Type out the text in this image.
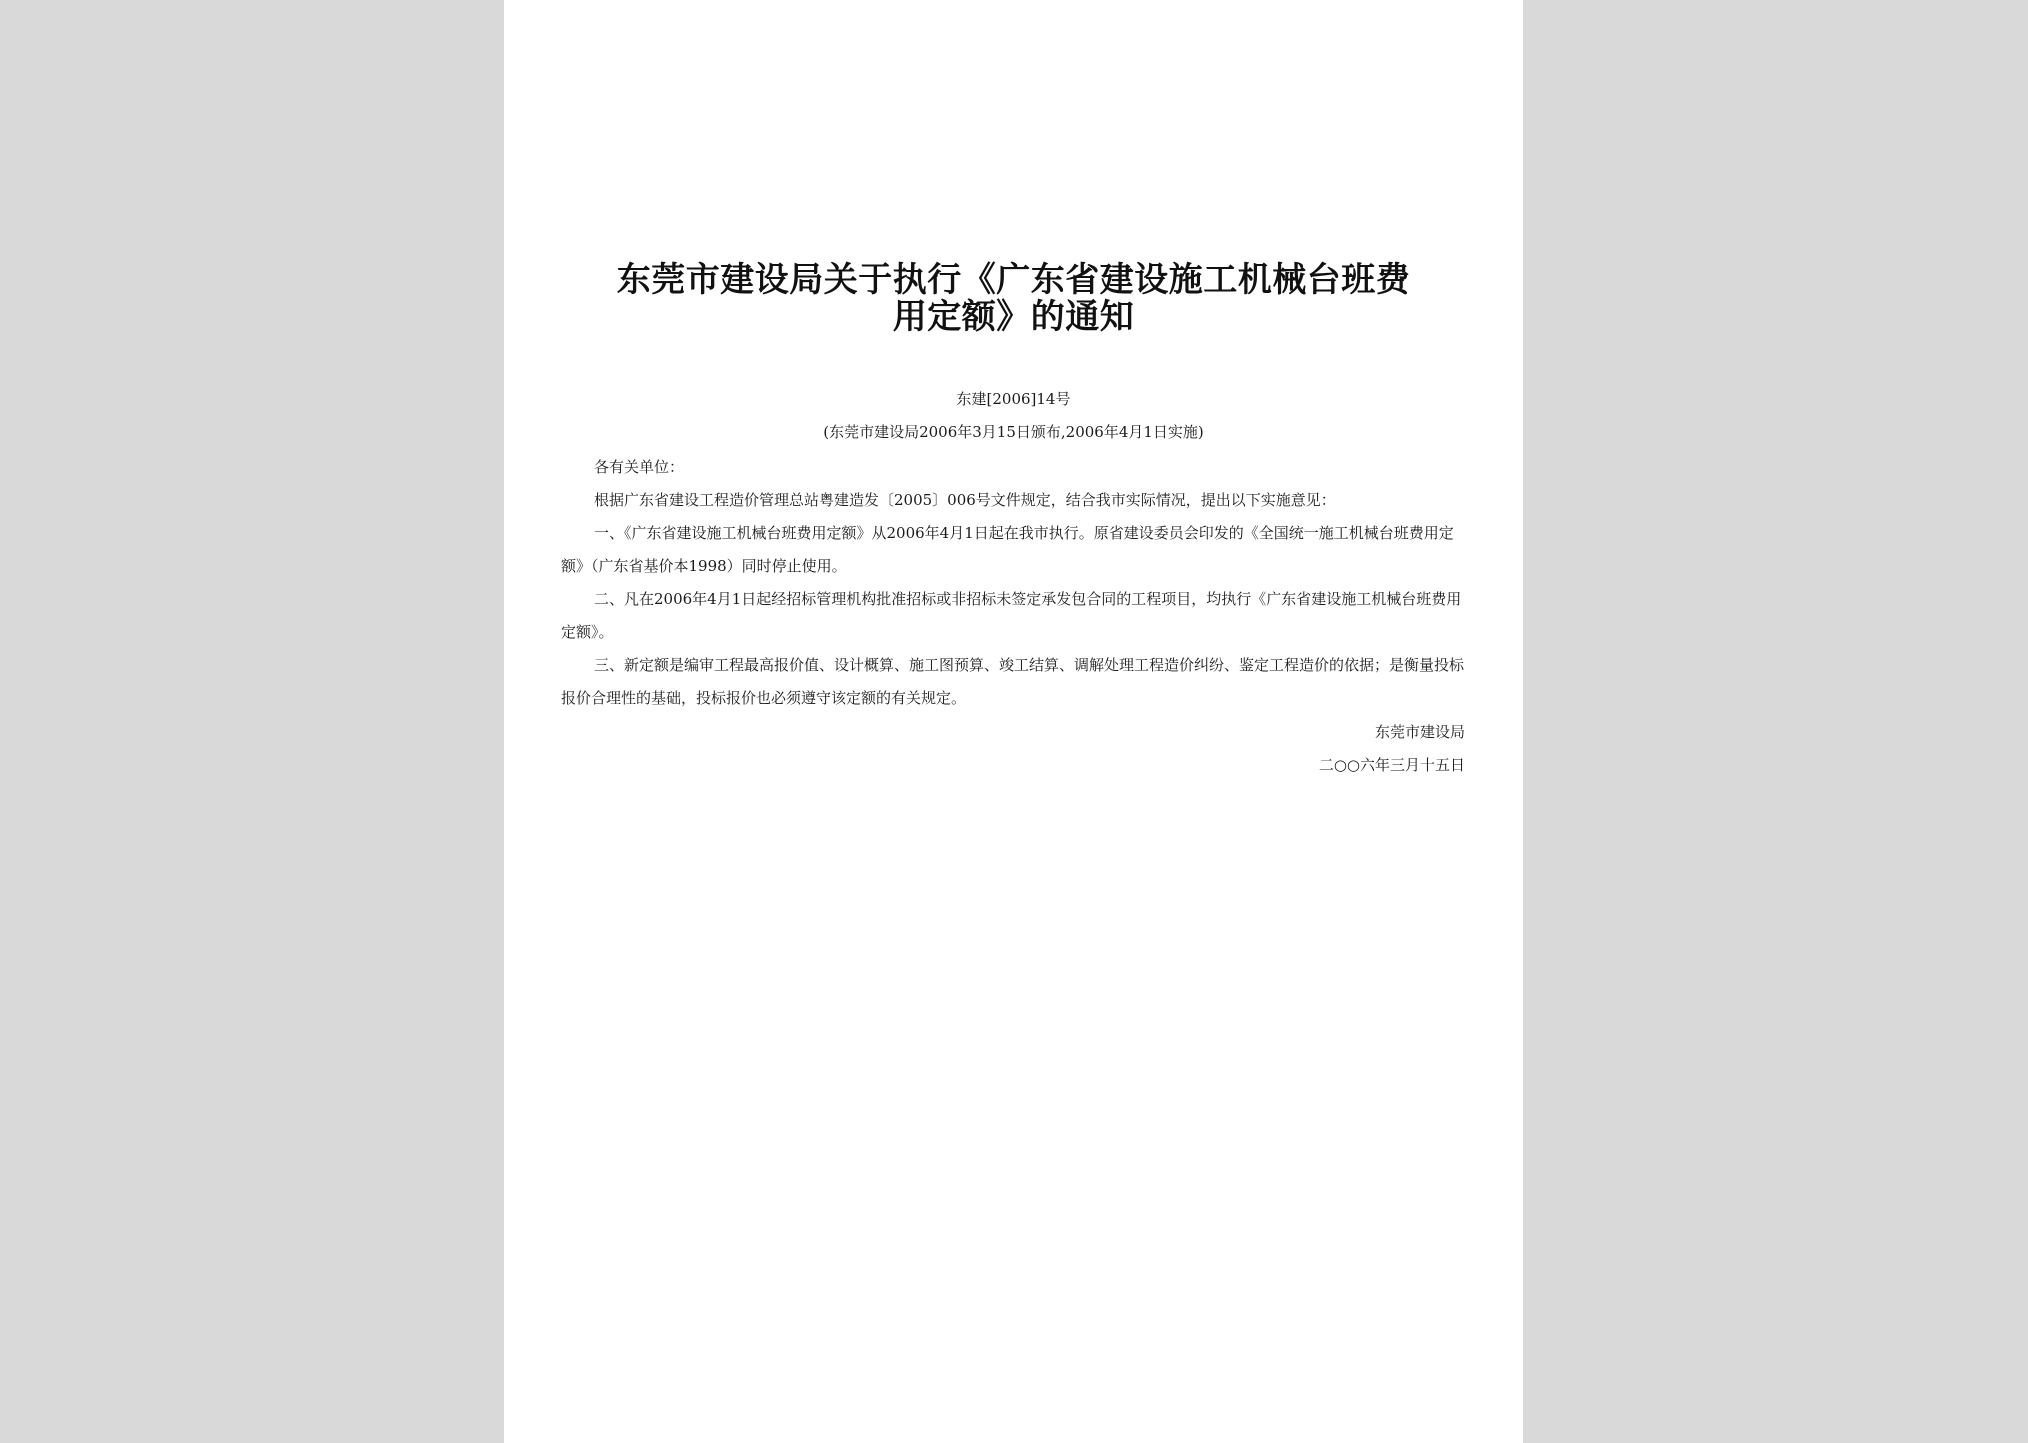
东莞市建设局关于执行《广东省建设施工机械台班费
用定额》的通知
东建[2006]14号
(东莞市建设局2006年3月15日颁布,2006年4月1日实施)

各有关单位：

根据广东省建设工程造价管理总站粤建造发〔2005〕006号文件规定，结合我市实际情况，提出以下实施意见：

一、《广东省建设施工机械台班费用定额》从2006年4月1日起在我市执行。原省建设委员会印发的《全国统一施工机械台班费用定额》（广东省基价本1998）同时停止使用。

二、凡在2006年4月1日起经招标管理机构批准招标或非招标未签定承发包合同的工程项目，均执行《广东省建设施工机械台班费用定额》。

三、新定额是编审工程最高报价值、设计概算、施工图预算、竣工结算、调解处理工程造价纠纷、鉴定工程造价的依据；是衡量投标报价合理性的基础，投标报价也必须遵守该定额的有关规定。

东莞市建设局
二○○六年三月十五日
